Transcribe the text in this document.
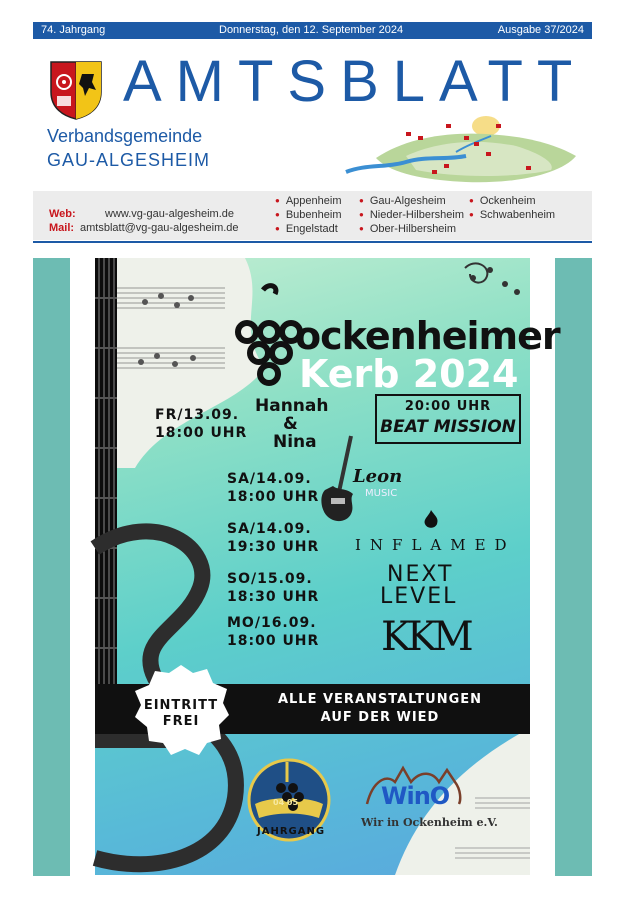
74. Jahrgang	Donnerstag, den 12. September 2024	Ausgabe 37/2024
AMTSBLATT
Verbandsgemeinde
GAU-ALGESHEIM
Web:	www.vg-gau-algesheim.de
Mail: amtsblatt@vg-gau-algesheim.de
● Appenheim
● Bubenheim
● Engelstadt
● Gau-Algesheim
● Nieder-Hilbersheim
● Ober-Hilbersheim
● Ockenheim
● Schwabenheim
ockenheimer
Kerb 2024
FR/13.09.
18:00 UHR
Hannah
&
Nina
20:00 UHR
BEAT MISSION
SA/14.09.
18:00 UHR
Leon
MUSIC
SA/14.09.
19:30 UHR INFLAMED
SO/15.09.
18:30 UHR
NEXT
LEVEL
MO/16.09.
18:00 UHR KKM
ALLE VERANSTALTUNGEN
AUF DER WIED
EINTRITT
FREI
04 05
JAHRGANG
WinO
Wir in Ockenheim e.V.
